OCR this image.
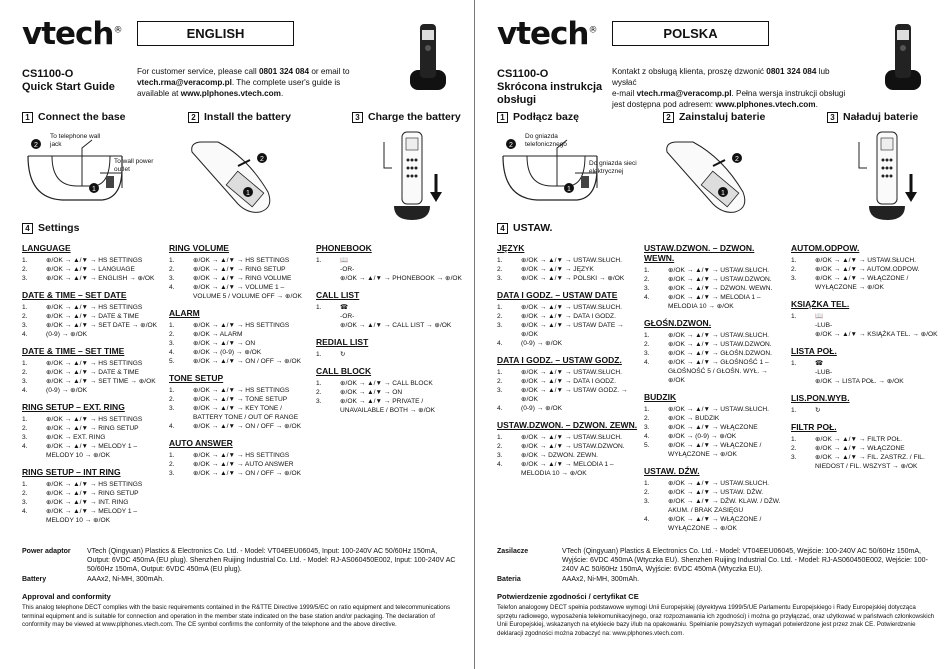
vtech®	ENGLISH
CS1100-O
Quick Start Guide
For customer service, please call 0801 324 084 or email to
vtech.rma@veracomp.pl. The complete user's guide is
available at www.plphones.vtech.com.
1 Connect the base	2 Install the battery	3 Charge the battery
2
1
To telephone wall jack
To wall power outlet
2
1
4 Settings
LANGUAGE
1.	⊕/OK → ▲/▼ → HS SETTINGS
2.	⊕/OK → ▲/▼ → LANGUAGE
3.	⊕/OK → ▲/▼ → ENGLISH → ⊕/OK
DATE & TIME – SET DATE
1.	⊕/OK → ▲/▼ → HS SETTINGS
2.	⊕/OK → ▲/▼ → DATE & TIME
3.	⊕/OK → ▲/▼ → SET DATE → ⊕/OK
4.	(0-9) → ⊕/OK
DATE & TIME – SET TIME
1.	⊕/OK → ▲/▼ → HS SETTINGS
2.	⊕/OK → ▲/▼ → DATE & TIME
3.	⊕/OK → ▲/▼ → SET TIME → ⊕/OK
4.	(0-9) → ⊕/OK
RING SETUP – EXT. RING
1.	⊕/OK → ▲/▼ → HS SETTINGS
2.	⊕/OK → ▲/▼ → RING SETUP
3.	⊕/OK → EXT. RING
4.	⊕/OK → ▲/▼ → MELODY 1 – MELODY 10 → ⊕/OK
RING SETUP – INT RING
1.	⊕/OK → ▲/▼ → HS SETTINGS
2.	⊕/OK → ▲/▼ → RING SETUP
3.	⊕/OK → ▲/▼ → INT. RING
4.	⊕/OK → ▲/▼ → MELODY 1 – MELODY 10 → ⊕/OK
RING VOLUME
1.	⊕/OK → ▲/▼ → HS SETTINGS
2.	⊕/OK → ▲/▼ → RING SETUP
3.	⊕/OK → ▲/▼ → RING VOLUME
4.	⊕/OK → ▲/▼ → VOLUME 1 – VOLUME 5 / VOLUME OFF → ⊕/OK
ALARM
1.	⊕/OK → ▲/▼ → HS SETTINGS
2.	⊕/OK → ALARM
3.	⊕/OK → ▲/▼ → ON
4.	⊕/OK → (0-9) → ⊕/OK
5.	⊕/OK → ▲/▼ → ON / OFF → ⊕/OK
TONE SETUP
1.	⊕/OK → ▲/▼ → HS SETTINGS
2.	⊕/OK → ▲/▼ → TONE SETUP
3.	⊕/OK → ▲/▼ → KEY TONE / BATTERY TONE / OUT OF RANGE
4.	⊕/OK → ▲/▼ → ON / OFF → ⊕/OK
AUTO ANSWER
1.	⊕/OK → ▲/▼ → HS SETTINGS
2.	⊕/OK → ▲/▼ → AUTO ANSWER
3.	⊕/OK → ▲/▼ → ON / OFF → ⊕/OK
PHONEBOOK
1.	📖
-OR-
⊕/OK → ▲/▼ → PHONEBOOK → ⊕/OK
CALL LIST
1.	☎
-OR-
⊕/OK → ▲/▼ → CALL LIST → ⊕/OK
REDIAL LIST
1.	↻
CALL BLOCK
1.	⊕/OK → ▲/▼ → CALL BLOCK
2.	⊕/OK → ▲/▼ → ON
3.	⊕/OK → ▲/▼ → PRIVATE / UNAVAILABLE / BOTH → ⊕/OK
Power adaptor	VTech (Qingyuan) Plastics & Electronics Co. Ltd. - Model: VT04EEU06045, Input: 100-240V AC 50/60Hz 150mA, Output: 6VDC 450mA (EU plug). Shenzhen Ruijing Industrial Co. Ltd. - Model: RJ-AS060450E002, Input: 100-240V AC 50/60Hz 150mA, Output: 6VDC 450mA (EU plug).
Battery	AAAx2, Ni-MH, 300mAh.
Approval and conformity
This analog telephone DECT complies with the basic requirements contained in the R&TTE Directive 1999/5/EC on ratio equipment and telecommunications terminal equipment and is suitable for connection and operation in the member state indicated on the base station and/or packaging. The declaration of conformity may be viewed at www.plphones.vtech.com. The CE symbol confirms the conformity of the telephone and the above directive.
vtech®	POLSKA
CS1100-O
Skrócona instrukcja obsługi
Kontakt z obsługą klienta, proszę dzwonić 0801 324 084 lub wysłać
e-mail vtech.rma@veracomp.pl. Pełna wersja instrukcji obsługi
jest dostępna pod adresem: www.plphones.vtech.com.
1 Podłącz bazę	2 Zainstaluj baterie	3 Naładuj baterie
2
1
Do gniazda telefonicznego
Do gniazda sieci elektrycznej
2
1
4 USTAW.
JĘZYK
1.	⊕/OK → ▲/▼ → USTAW.SŁUCH.
2.	⊕/OK → ▲/▼ → JĘZYK
3.	⊕/OK → ▲/▼ → POLSKI → ⊕/OK
DATA I GODZ. – USTAW DATE
1.	⊕/OK → ▲/▼ → USTAW.SŁUCH.
2.	⊕/OK → ▲/▼ → DATA I GODZ.
3.	⊕/OK → ▲/▼ → USTAW DATE → ⊕/OK
4.	(0-9) → ⊕/OK
DATA I GODZ. – USTAW GODZ.
1.	⊕/OK → ▲/▼ → USTAW.SŁUCH.
2.	⊕/OK → ▲/▼ → DATA I GODZ.
3.	⊕/OK → ▲/▼ → USTAW GODZ. → ⊕/OK
4.	(0-9) → ⊕/OK
USTAW.DZWON. – DZWON. ZEWN.
1.	⊕/OK → ▲/▼ → USTAW.SŁUCH.
2.	⊕/OK → ▲/▼ → USTAW.DZWON.
3.	⊕/OK → DZWON. ZEWN.
4.	⊕/OK → ▲/▼ → MELODIA 1 – MELODIA 10 → ⊕/OK
USTAW.DZWON. – DZWON. WEWN.
1.	⊕/OK → ▲/▼ → USTAW.SŁUCH.
2.	⊕/OK → ▲/▼ → USTAW.DZWON.
3.	⊕/OK → ▲/▼ → DZWON. WEWN.
4.	⊕/OK → ▲/▼ → MELODIA 1 – MELODIA 10 → ⊕/OK
GŁOŚN.DZWON.
1.	⊕/OK → ▲/▼ → USTAW.SŁUCH.
2.	⊕/OK → ▲/▼ → USTAW.DZWON.
3.	⊕/OK → ▲/▼ → GŁOŚN.DZWON.
4.	⊕/OK → ▲/▼ → GŁOŚNOŚĆ 1 – GŁOŚNOŚĆ 5 / GŁOŚN. WYŁ. → ⊕/OK
BUDZIK
1.	⊕/OK → ▲/▼ → USTAW.SŁUCH.
2.	⊕/OK → BUDZIK
3.	⊕/OK → ▲/▼ → WŁĄCZONE
4.	⊕/OK → (0-9) → ⊕/OK
5.	⊕/OK → ▲/▼ → WŁĄCZONE / WYŁĄCZONE → ⊕/OK
USTAW. DŹW.
1.	⊕/OK → ▲/▼ → USTAW.SŁUCH.
2.	⊕/OK → ▲/▼ → USTAW. DŹW.
3.	⊕/OK → ▲/▼ → DŹW. KLAW. / DŹW. AKUM. / BRAK ZASIĘGU
4.	⊕/OK → ▲/▼ → WŁĄCZONE / WYŁĄCZONE → ⊕/OK
AUTOM.ODPOW.
1.	⊕/OK → ▲/▼ → USTAW.SŁUCH.
2.	⊕/OK → ▲/▼ → AUTOM.ODPOW.
3.	⊕/OK → ▲/▼ → WŁĄCZONE / WYŁĄCZONE → ⊕/OK
KSIĄŻKA TEL.
1.	📖
-LUB-
⊕/OK → ▲/▼ → KSIĄŻKA TEL. → ⊕/OK
LISTA POŁ.
1.	☎
-LUB-
⊕/OK → LISTA POŁ. → ⊕/OK
LIS.PON.WYB.
1.	↻
FILTR POŁ.
1.	⊕/OK → ▲/▼ → FILTR POŁ.
2.	⊕/OK → ▲/▼ → WŁĄCZONE
3.	⊕/OK → ▲/▼ → FIL. ZASTRZ. / FIL. NIEDOST / FIL. WSZYST → ⊕/OK
Zasilacze	VTech (Qingyuan) Plastics & Electronics Co. Ltd. - Model: VT04EEU06045, Wejście: 100-240V AC 50/60Hz 150mA, Wyjście: 6VDC 450mA (Wtyczka EU). Shenzhen Ruijing Industrial Co. Ltd. - Model: RJ-AS060450E002, Wejście: 100-240V AC 50/60Hz 150mA, Wyjście: 6VDC 450mA (Wtyczka EU).
Bateria	AAAx2, Ni-MH, 300mAh.
Potwierdzenie zgodności / certyfikat CE
Telefon analogowy DECT spełnia podstawowe wymogi Unii Europejskiej (dyrektywa 1999/5/UE Parlamentu Europejskiego i Rady Europejskiej dotycząca sprzętu radiowego, wyposażenia telekomunikacyjnego, oraz rozpoznawania ich zgodności) i można go przyłączać, oraz użytkować w państwach członkowskich Unii Europejskiej, wskazanych na etykiecie bazy i/lub na opakowaniu. Spełnianie powyższych wymagań potwierdzone jest przez znak CE. Potwierdzenie deklaracji zgodności można zobaczyć na: www.plphones.vtech.com.
